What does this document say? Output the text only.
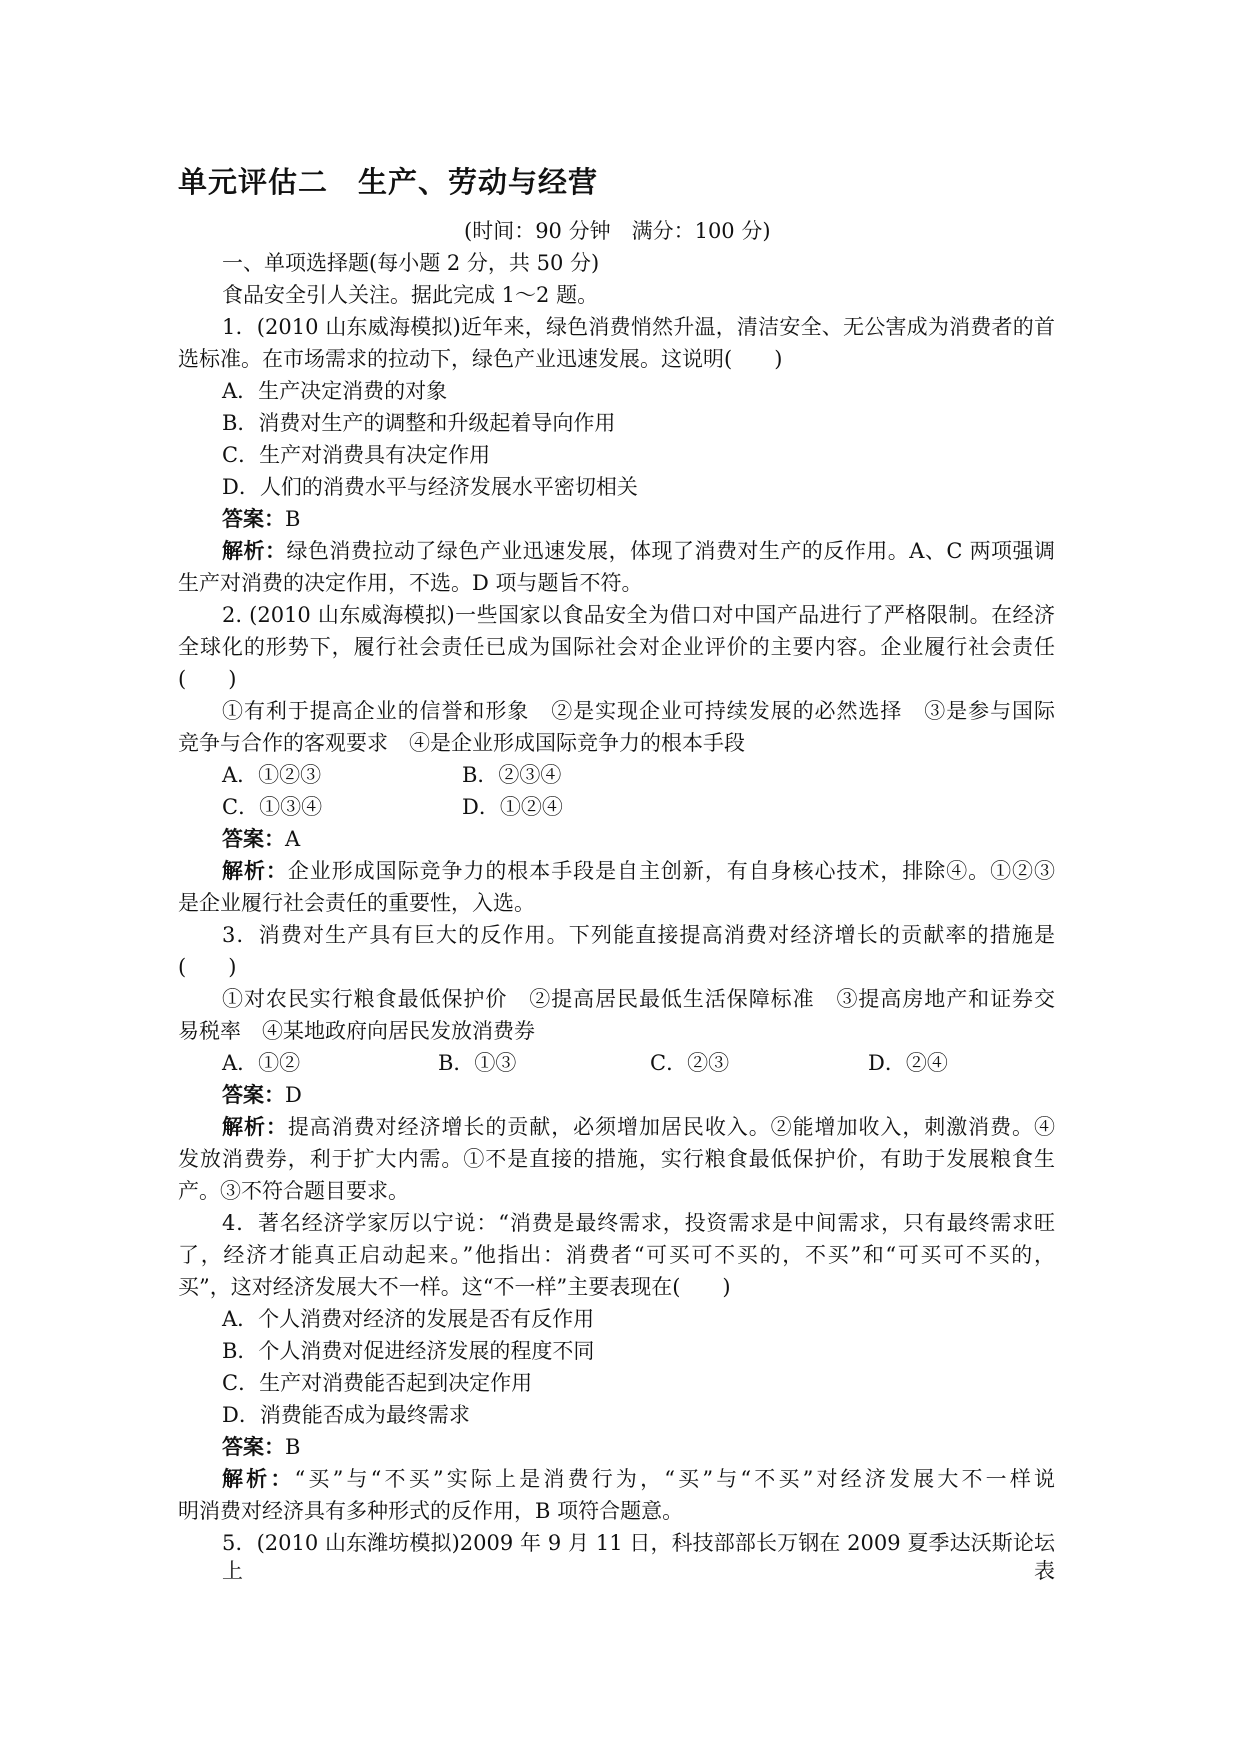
单元评估二　生产、劳动与经营
(时间：90 分钟　满分：100 分)
一、单项选择题(每小题 2 分，共 50 分)
食品安全引人关注。据此完成 1～2 题。
1．(2010 山东威海模拟)近年来，绿色消费悄然升温，清洁安全、无公害成为消费者的首
选标准。在市场需求的拉动下，绿色产业迅速发展。这说明(　　)
A．生产决定消费的对象
B．消费对生产的调整和升级起着导向作用
C．生产对消费具有决定作用
D．人们的消费水平与经济发展水平密切相关
答案：B
解析：绿色消费拉动了绿色产业迅速发展，体现了消费对生产的反作用。A、C 两项强调
生产对消费的决定作用，不选。D 项与题旨不符。
2. (2010 山东威海模拟)一些国家以食品安全为借口对中国产品进行了严格限制。在经济
全球化的形势下，履行社会责任已成为国际社会对企业评价的主要内容。企业履行社会责任
(　　)
①有利于提高企业的信誉和形象　②是实现企业可持续发展的必然选择　③是参与国际
竞争与合作的客观要求　④是企业形成国际竞争力的根本手段
A．①②③	B．②③④
C．①③④	D．①②④
答案：A
解析：企业形成国际竞争力的根本手段是自主创新，有自身核心技术，排除④。①②③
是企业履行社会责任的重要性，入选。
3．消费对生产具有巨大的反作用。下列能直接提高消费对经济增长的贡献率的措施是
(　　)
①对农民实行粮食最低保护价　②提高居民最低生活保障标准　③提高房地产和证券交
易税率　④某地政府向居民发放消费券
A．①②	B．①③	C．②③	D．②④
答案：D
解析：提高消费对经济增长的贡献，必须增加居民收入。②能增加收入，刺激消费。④
发放消费券，利于扩大内需。①不是直接的措施，实行粮食最低保护价，有助于发展粮食生
产。③不符合题目要求。
4．著名经济学家厉以宁说：“消费是最终需求，投资需求是中间需求，只有最终需求旺
了，经济才能真正启动起来。”他指出：消费者“可买可不买的，不买”和“可买可不买的，
买”，这对经济发展大不一样。这“不一样”主要表现在(　　)
A．个人消费对经济的发展是否有反作用
B．个人消费对促进经济发展的程度不同
C．生产对消费能否起到决定作用
D．消费能否成为最终需求
答案：B
解析：“买”与“不买”实际上是消费行为，“买”与“不买”对经济发展大不一样说
明消费对经济具有多种形式的反作用，B 项符合题意。
5．(2010 山东潍坊模拟)2009 年 9 月 11 日，科技部部长万钢在 2009 夏季达沃斯论坛上表
